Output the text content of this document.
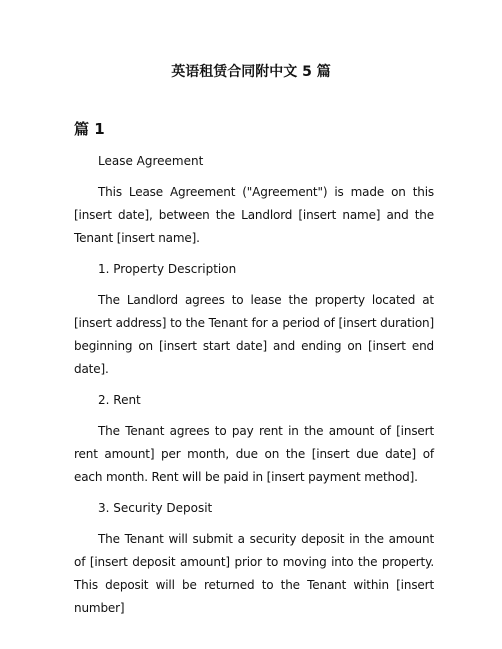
英语租赁合同附中文 5 篇
篇 1

Lease Agreement

This Lease Agreement ("Agreement") is made on this [insert date], between the Landlord [insert name] and the Tenant [insert name].

1. Property Description

The Landlord agrees to lease the property located at [insert address] to the Tenant for a period of [insert duration] beginning on [insert start date] and ending on [insert end date].

2. Rent

The Tenant agrees to pay rent in the amount of [insert rent amount] per month, due on the [insert due date] of each month. Rent will be paid in [insert payment method].

3. Security Deposit

The Tenant will submit a security deposit in the amount of [insert deposit amount] prior to moving into the property. This deposit will be returned to the Tenant within [insert number]
